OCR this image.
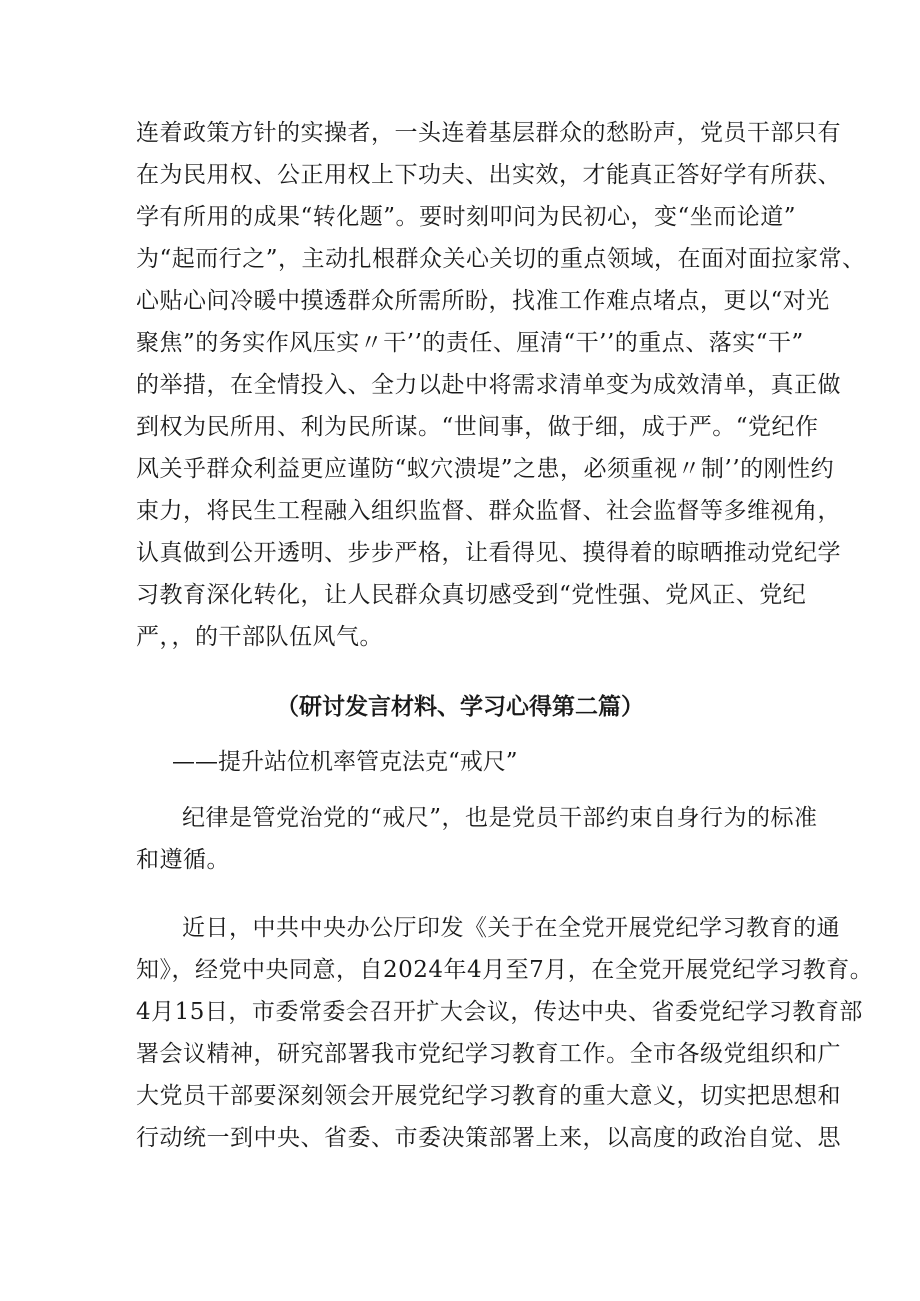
连着政策方针的实操者，一头连着基层群众的愁盼声，党员干部只有
在为民用权、公正用权上下功夫、出实效，才能真正答好学有所获、
学有所用的成果“转化题”。要时刻叩问为民初心，变“坐而论道”
为“起而行之”，主动扎根群众关心关切的重点领域，在面对面拉家常、
心贴心问冷暖中摸透群众所需所盼，找准工作难点堵点，更以“对光
聚焦”的务实作风压实〃干’’的责任、厘清“干’’的重点、落实“干”
的举措，在全情投入、全力以赴中将需求清单变为成效清单，真正做
到权为民所用、利为民所谋。“世间事，做于细，成于严。“党纪作
风关乎群众利益更应谨防“蚁穴溃堤”之患，必须重视〃制’’的刚性约
束力，将民生工程融入组织监督、群众监督、社会监督等多维视角，
认真做到公开透明、步步严格，让看得见、摸得着的晾晒推动党纪学
习教育深化转化，让人民群众真切感受到“党性强、党风正、党纪
严，，的干部队伍风气。
（研讨发言材料、学习心得第二篇）
——提升站位机率管克法克“戒尺”
纪律是管党治党的“戒尺”，也是党员干部约束自身行为的标准
和遵循。
近日，中共中央办公厅印发《关于在全党开展党纪学习教育的通
知》，经党中央同意，自2024年4月至7月，在全党开展党纪学习教育。
4月15日，市委常委会召开扩大会议，传达中央、省委党纪学习教育部
署会议精神，研究部署我市党纪学习教育工作。全市各级党组织和广
大党员干部要深刻领会开展党纪学习教育的重大意义，切实把思想和
行动统一到中央、省委、市委决策部署上来，以高度的政治自觉、思
